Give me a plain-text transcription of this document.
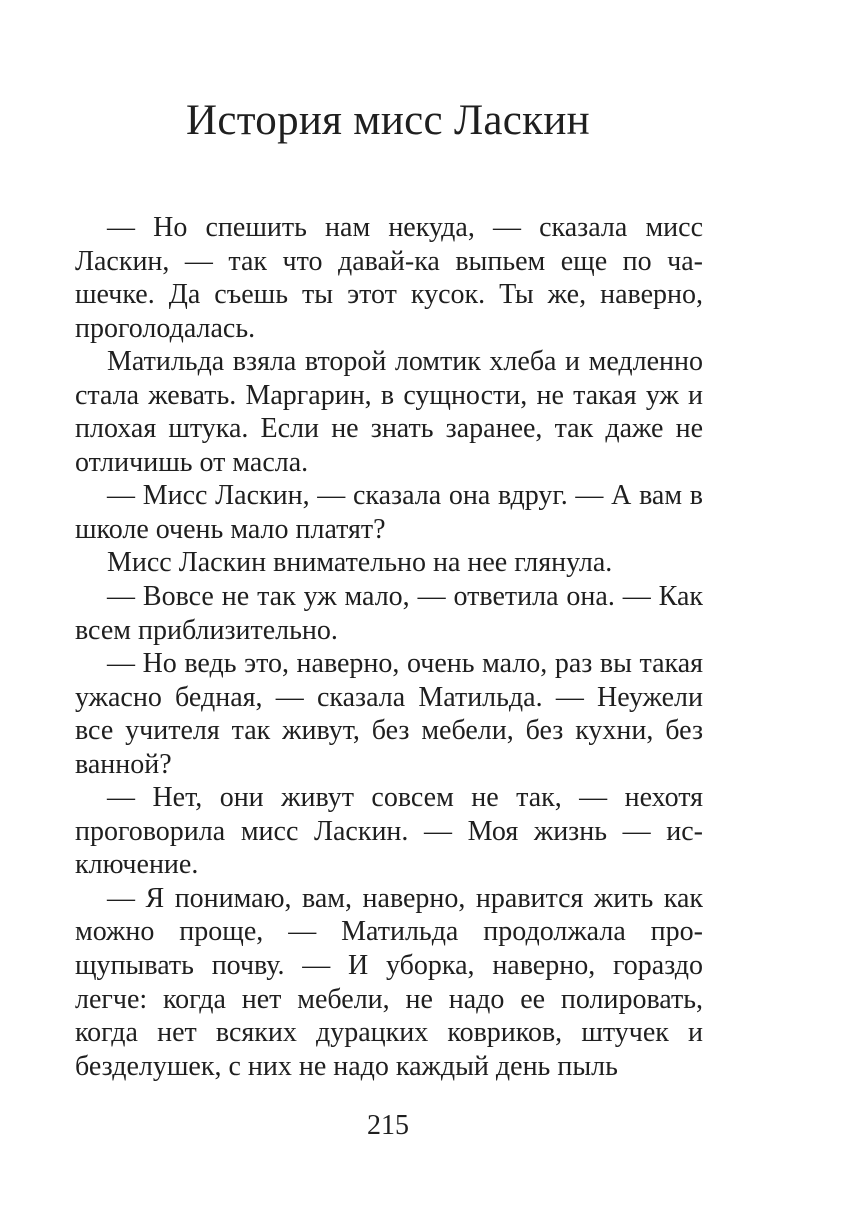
История мисс Ласкин

— Но спешить нам некуда, — сказала мисс Ласкин, — так что давай-ка выпьем еще по чашечке. Да съешь ты этот кусок. Ты же, наверно, проголодалась.

Матильда взяла второй ломтик хлеба и медленно стала жевать. Маргарин, в сущности, не такая уж и плохая штука. Если не знать заранее, так даже не отличишь от масла.

— Мисс Ласкин, — сказала она вдруг. — А вам в школе очень мало платят?

Мисс Ласкин внимательно на нее глянула.

— Вовсе не так уж мало, — ответила она. — Как всем приблизительно.

— Но ведь это, наверно, очень мало, раз вы такая ужасно бедная, — сказала Матильда. — Неужели все учителя так живут, без мебели, без кухни, без ванной?

— Нет, они живут совсем не так, — нехотя проговорила мисс Ласкин. — Моя жизнь — исключение.

— Я понимаю, вам, наверно, нравится жить как можно проще, — Матильда продолжала прощупывать почву. — И уборка, наверно, гораздо легче: когда нет мебели, не надо ее полировать, когда нет всяких дурацких ковриков, штучек и безделушек, с них не надо каждый день пыль

215
